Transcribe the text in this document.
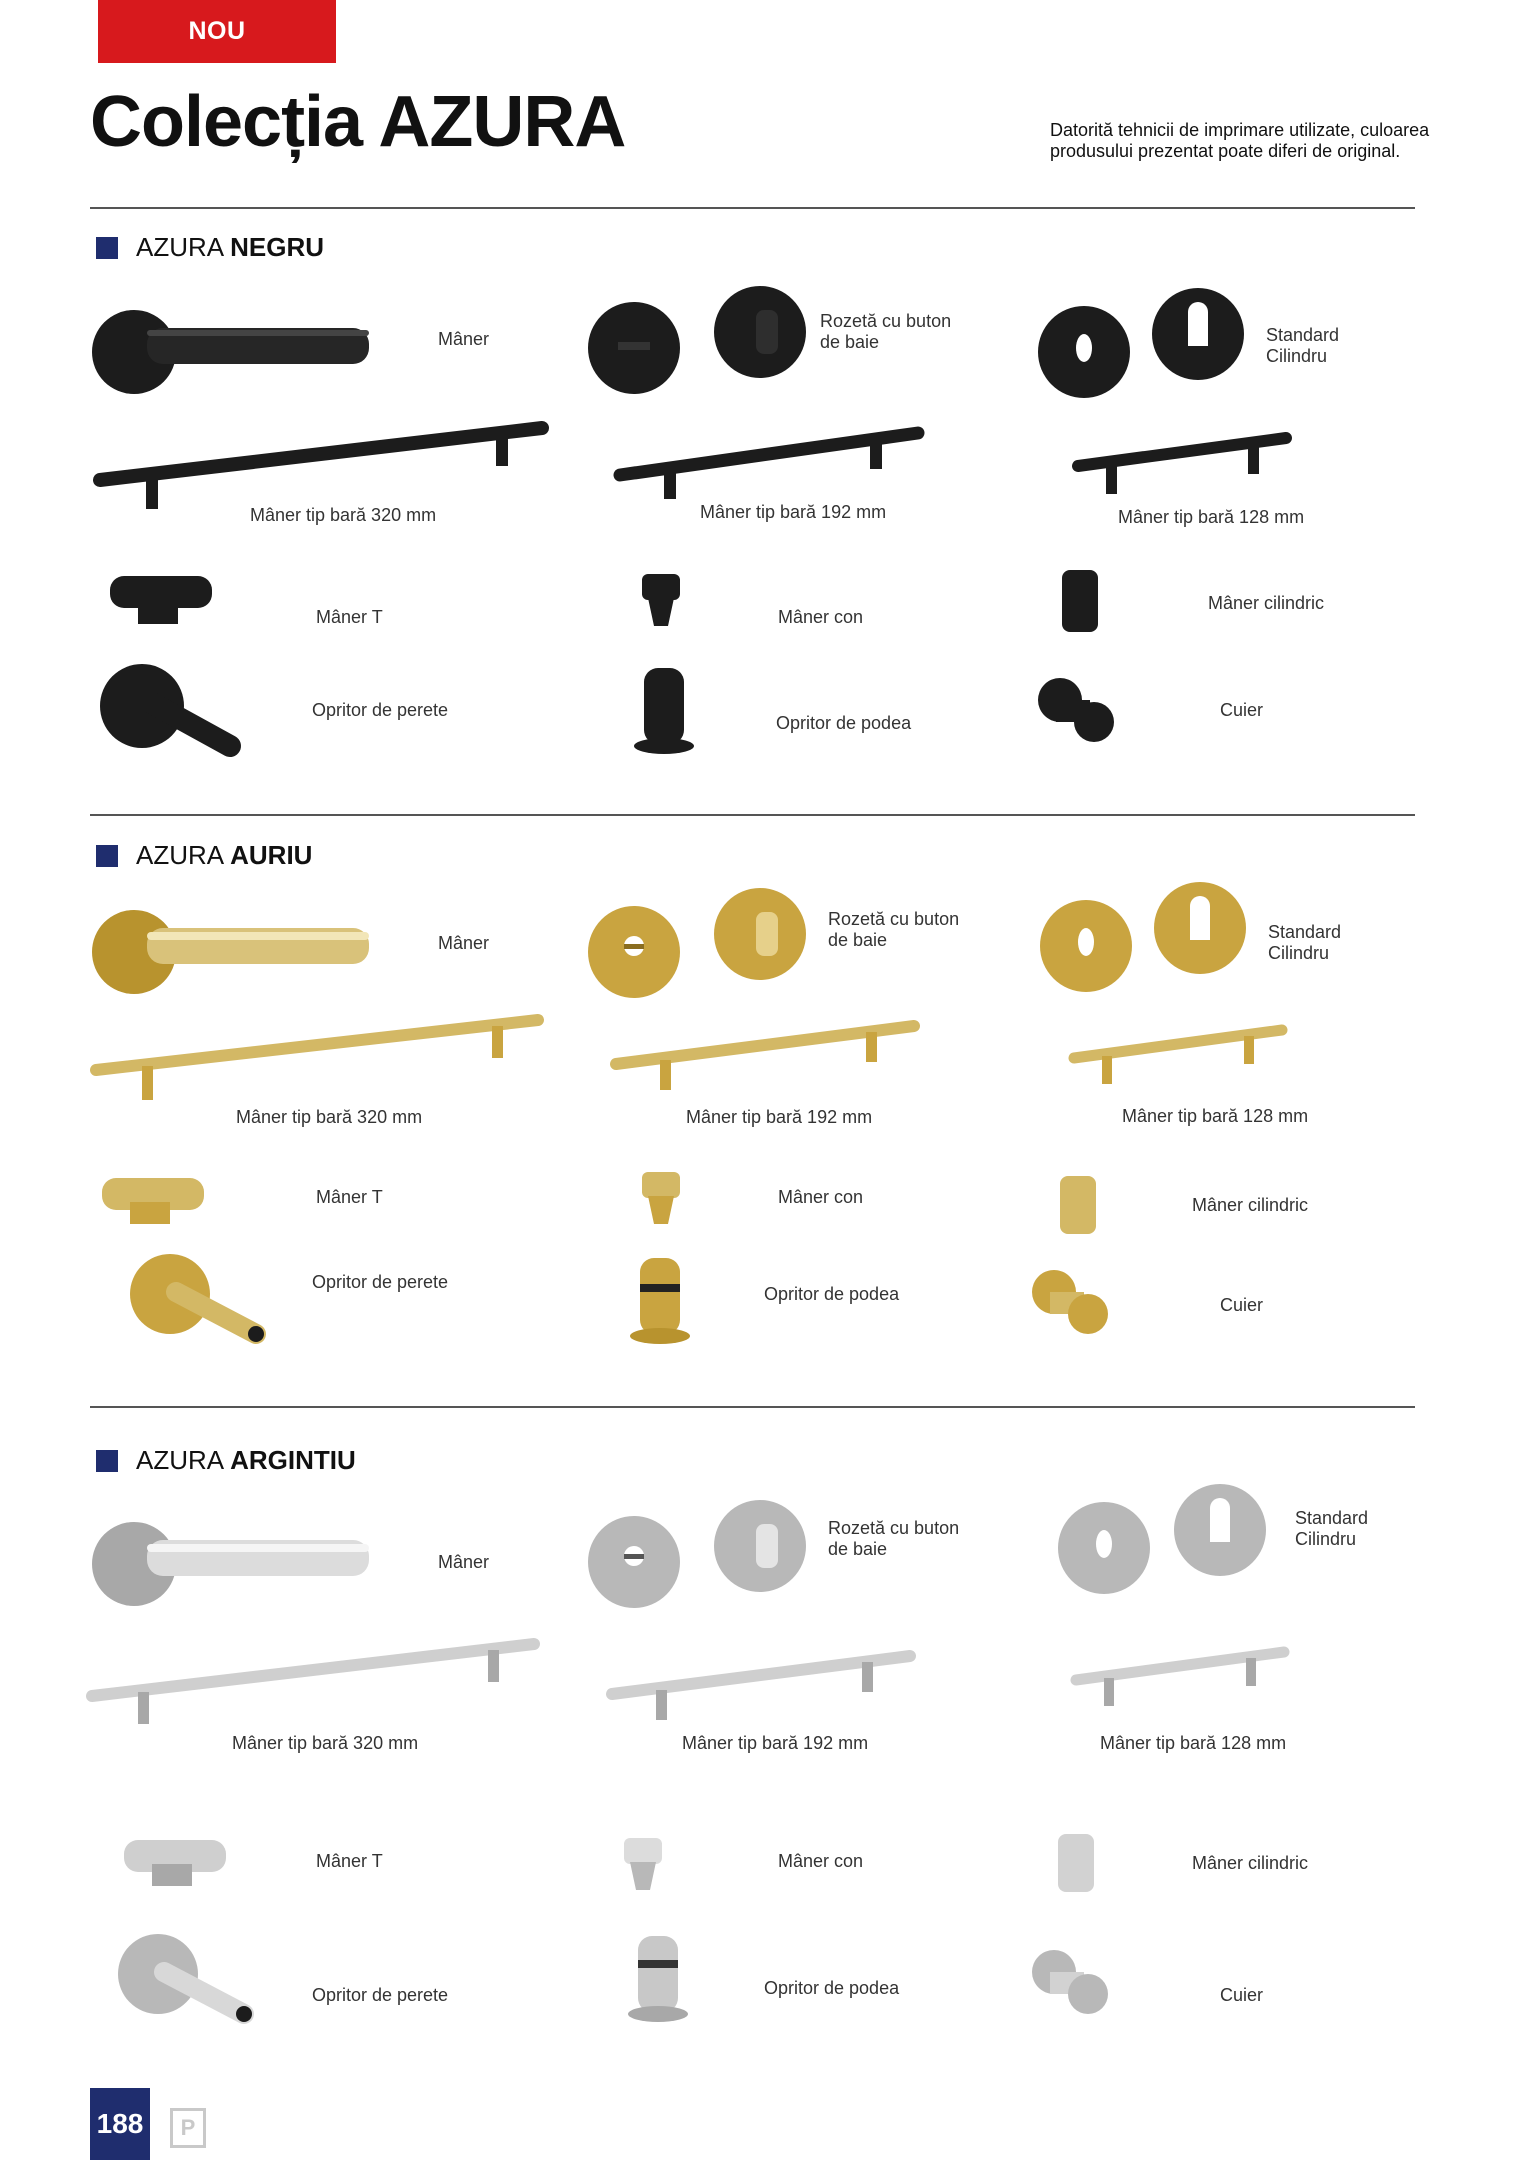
NOU
Colecția AZURA	Datorită tehnicii de imprimare utilizate, culoarea produsului prezentat poate diferi de original.
AZURA NEGRU
Mâner
Rozetă cu buton
de baie	Standard
Cilindru
Mâner tip bară 320 mm	Mâner tip bară 192 mm	Mâner tip bară 128 mm
Mâner T	Mâner con
Mâner cilindric
Opritor de perete
Opritor de podea
Cuier
AZURA AURIU
Mâner
Rozetă cu buton
de baie	Standard
Cilindru
Mâner tip bară 320 mm	Mâner tip bară 192 mm	Mâner tip bară 128 mm
Mâner T	Mâner con	Mâner cilindric
Opritor de perete
Opritor de podea
Cuier
AZURA ARGINTIU
Mâner
Rozetă cu buton
de baie
Standard
Cilindru
Mâner tip bară 320 mm	Mâner tip bară 192 mm	Mâner tip bară 128 mm
Mâner T	Mâner con	Mâner cilindric
Opritor de perete	Opritor de podea	Cuier
188	P
